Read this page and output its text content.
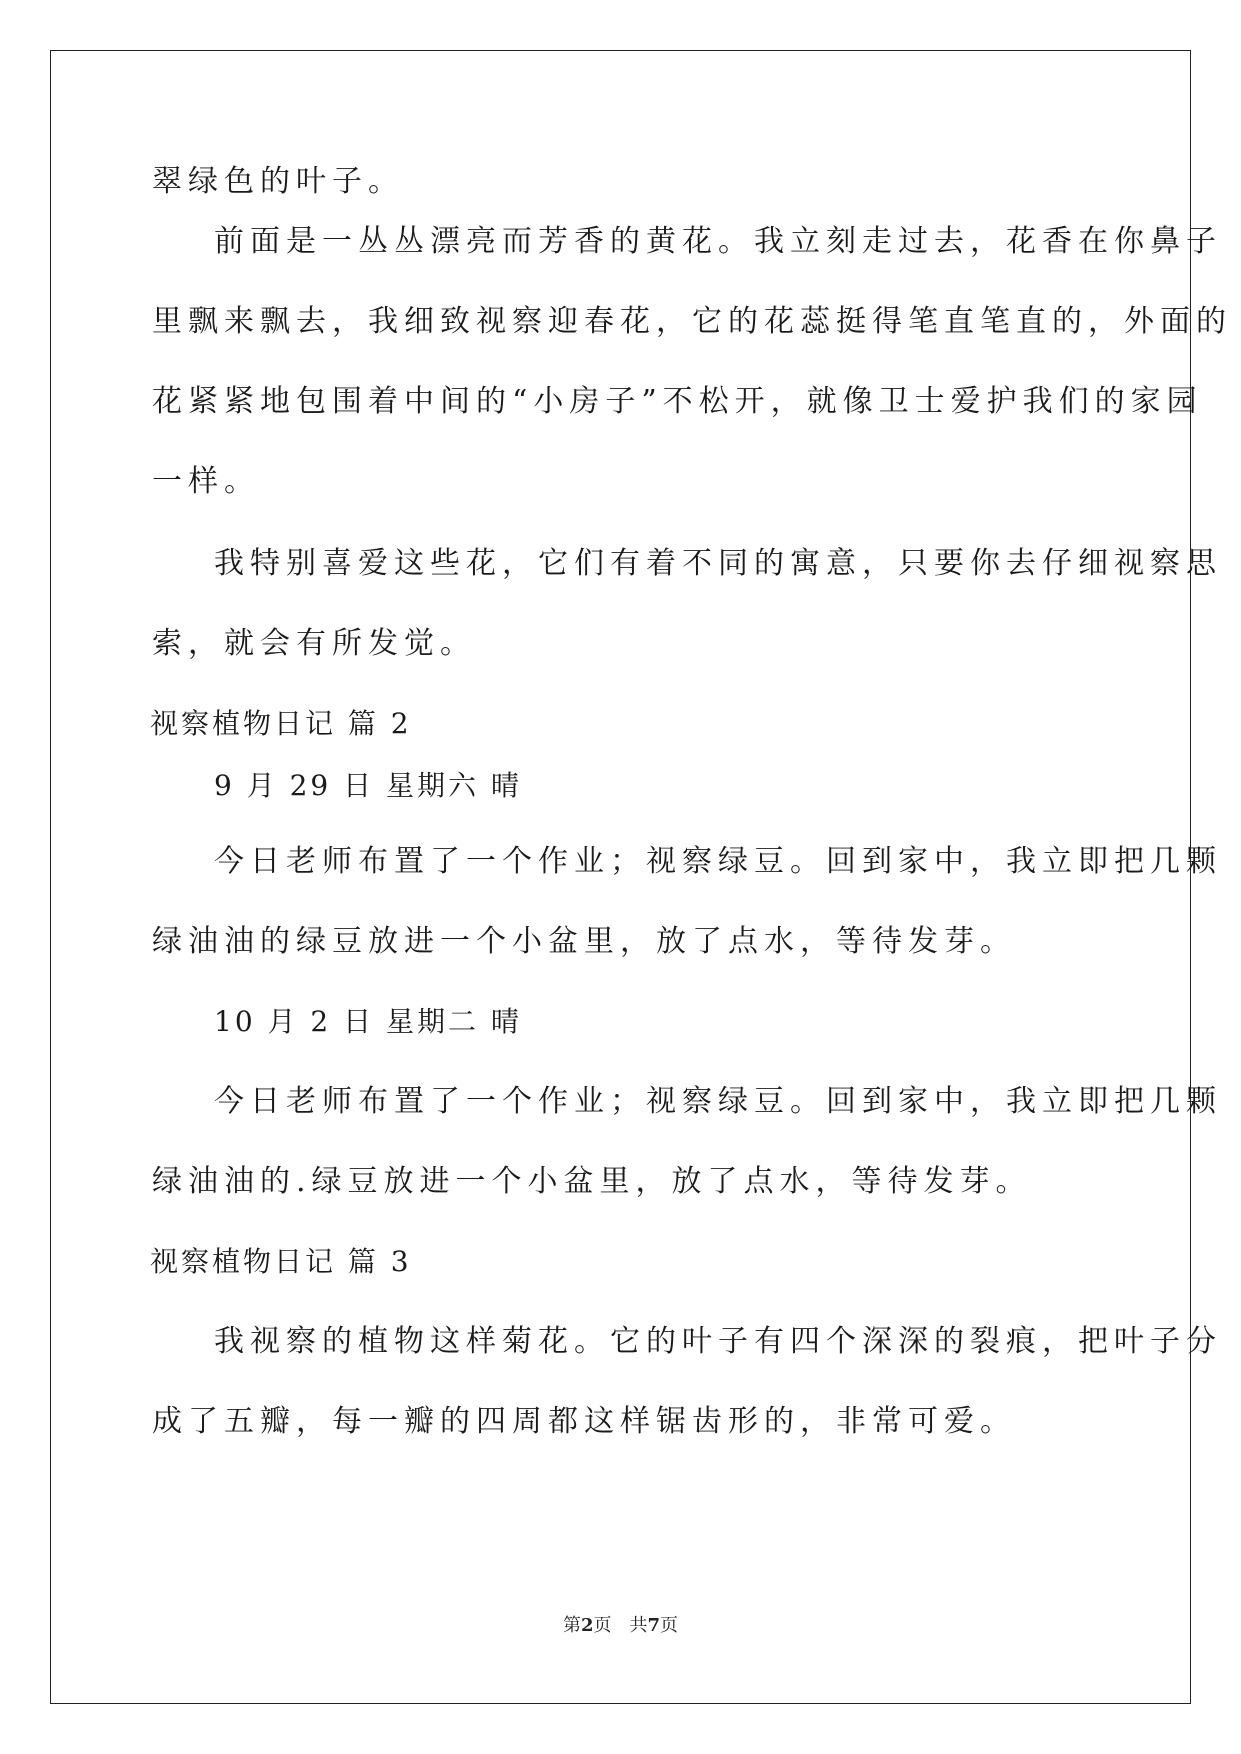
翠绿色的叶子。
前面是一丛丛漂亮而芳香的黄花。我立刻走过去，花香在你鼻子
里飘来飘去，我细致视察迎春花，它的花蕊挺得笔直笔直的，外面的
花紧紧地包围着中间的“小房子”不松开，就像卫士爱护我们的家园
一样。
我特别喜爱这些花，它们有着不同的寓意，只要你去仔细视察思
索，就会有所发觉。
视察植物日记 篇 2
9 月 29 日 星期六 晴
今日老师布置了一个作业；视察绿豆。回到家中，我立即把几颗
绿油油的绿豆放进一个小盆里，放了点水，等待发芽。
10 月 2 日 星期二 晴
今日老师布置了一个作业；视察绿豆。回到家中，我立即把几颗
绿油油的.绿豆放进一个小盆里，放了点水，等待发芽。
视察植物日记 篇 3
我视察的植物这样菊花。它的叶子有四个深深的裂痕，把叶子分
成了五瓣，每一瓣的四周都这样锯齿形的，非常可爱。
第2页 共7页
